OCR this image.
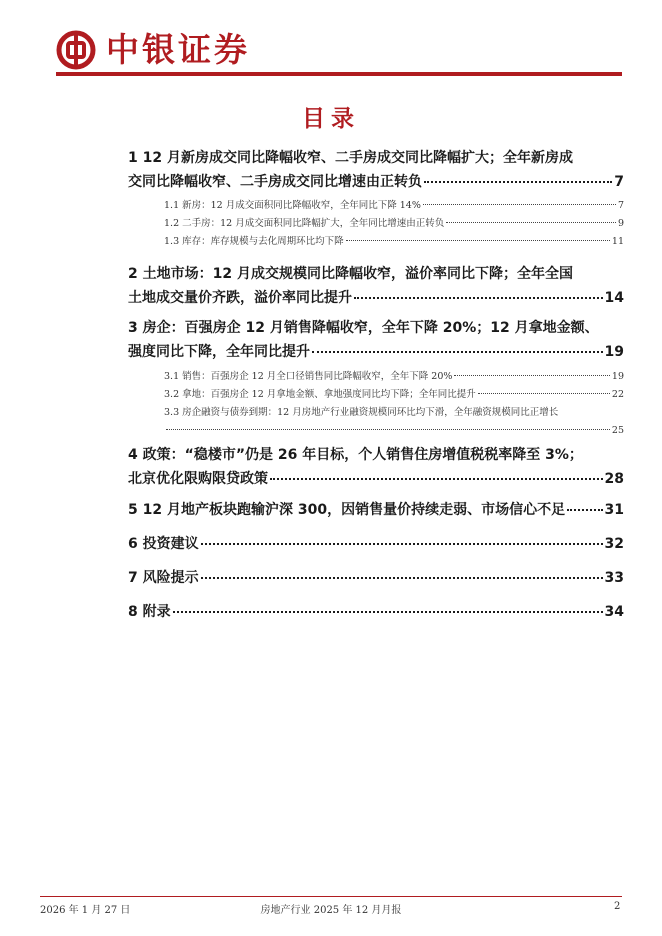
中银证券
目录
1 12 月新房成交同比降幅收窄、二手房成交同比降幅扩大；全年新房成
交同比降幅收窄、二手房成交同比增速由正转负	7
1.1 新房：12 月成交面积同比降幅收窄，全年同比下降 14%	7
1.2 二手房：12 月成交面积同比降幅扩大，全年同比增速由正转负	9
1.3 库存：库存规模与去化周期环比均下降	11
2 土地市场：12 月成交规模同比降幅收窄，溢价率同比下降；全年全国
土地成交量价齐跌，溢价率同比提升	14
3 房企：百强房企 12 月销售降幅收窄，全年下降 20%；12 月拿地金额、
强度同比下降，全年同比提升	19
3.1 销售：百强房企 12 月全口径销售同比降幅收窄，全年下降 20%	19
3.2 拿地：百强房企 12 月拿地金额、拿地强度同比均下降；全年同比提升	22
3.3 房企融资与债券到期：12 月房地产行业融资规模同环比均下滑，全年融资规模同比正增长
25
4 政策：“稳楼市”仍是 26 年目标，个人销售住房增值税税率降至 3%；
北京优化限购限贷政策	28
5 12 月地产板块跑输沪深 300，因销售量价持续走弱、市场信心不足	31
6 投资建议	32
7 风险提示	33
8 附录	34
2026 年 1 月 27 日	房地产行业 2025 年 12 月月报	2
